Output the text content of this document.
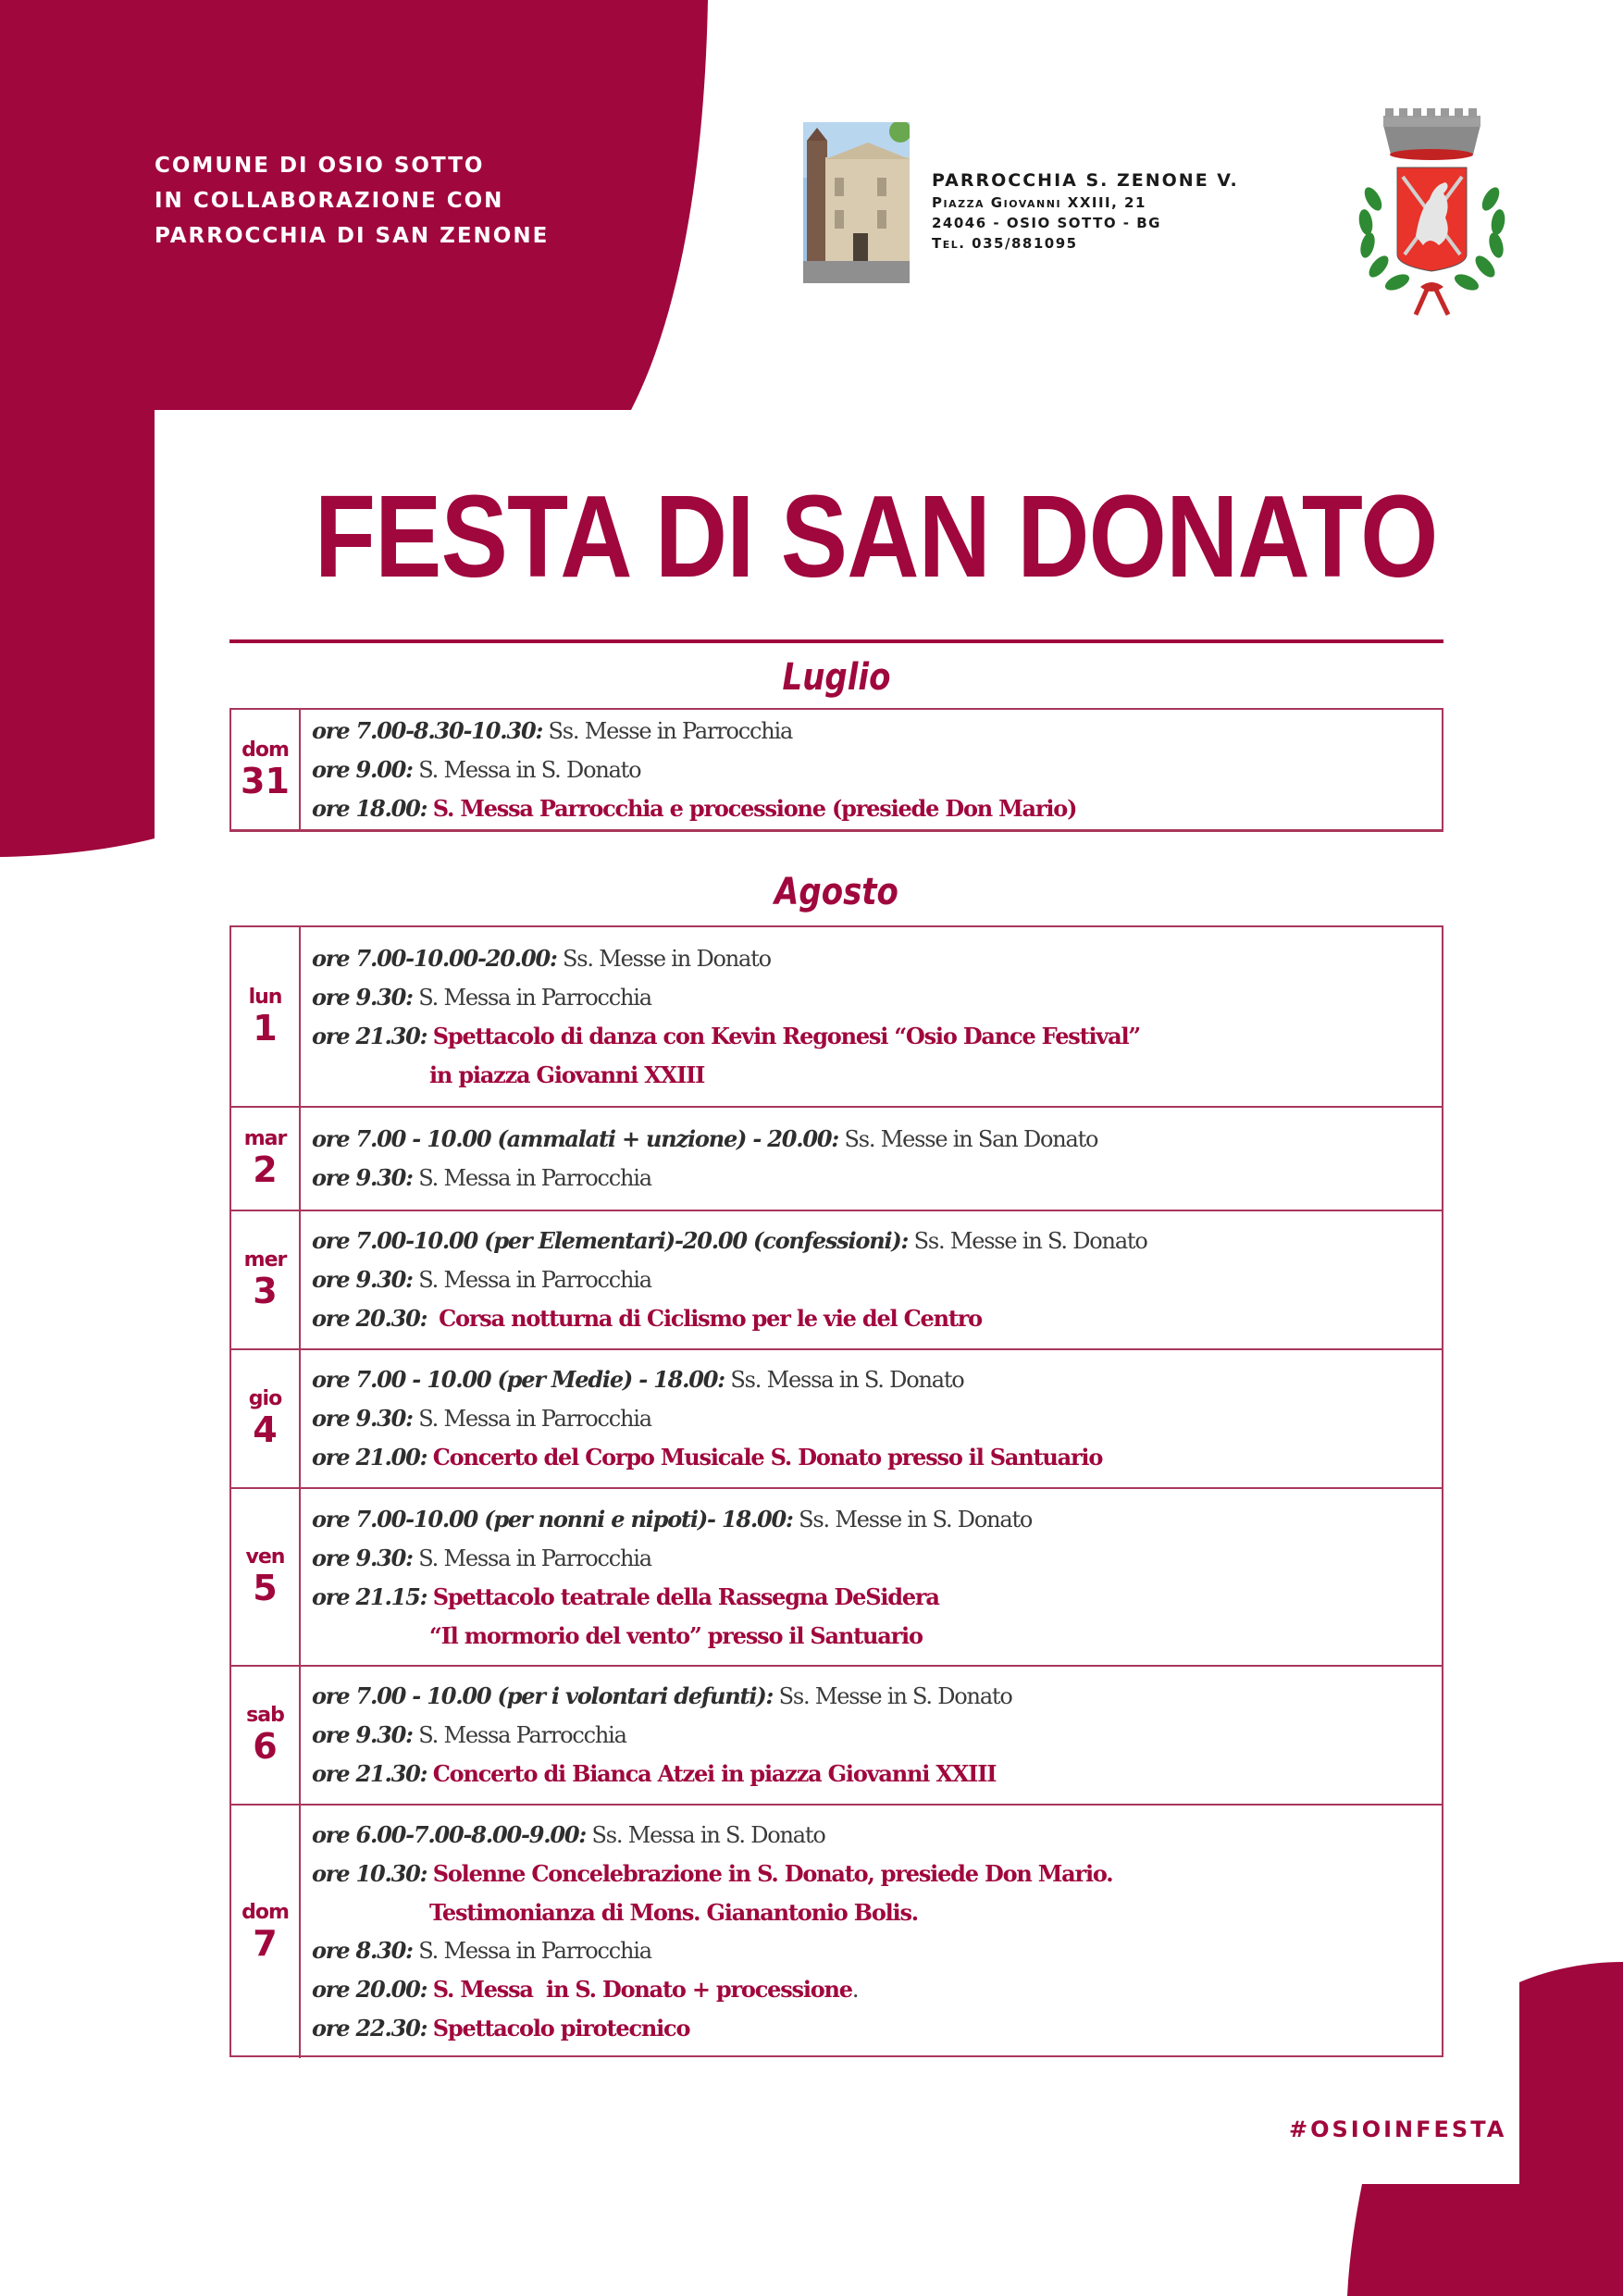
COMUNE DI OSIO SOTTO
IN COLLABORAZIONE CON
PARROCCHIA DI SAN ZENONE
PARROCCHIA S. ZENONE V.
Piazza Giovanni XXIII, 21
24046 - OSIO SOTTO - BG
Tel. 035/881095
FESTA DI SAN DONATO
Luglio
dom
31
ore 7.00-8.30-10.30: Ss. Messe in Parrocchia
ore 9.00: S. Messa in S. Donato
ore 18.00: S. Messa Parrocchia e processione (presiede Don Mario)
Agosto
lun
1
ore 7.00-10.00-20.00: Ss. Messe in Donato
ore 9.30: S. Messa in Parrocchia
ore 21.30: Spettacolo di danza con Kevin Regonesi “Osio Dance Festival”
in piazza Giovanni XXIII
mar
2
ore 7.00 - 10.00 (ammalati + unzione) - 20.00: Ss. Messe in San Donato
ore 9.30: S. Messa in Parrocchia
mer
3
ore 7.00-10.00 (per Elementari)-20.00 (confessioni): Ss. Messe in S. Donato
ore 9.30: S. Messa in Parrocchia
ore 20.30: Corsa notturna di Ciclismo per le vie del Centro
gio
4
ore 7.00 - 10.00 (per Medie) - 18.00: Ss. Messa in S. Donato
ore 9.30: S. Messa in Parrocchia
ore 21.00: Concerto del Corpo Musicale S. Donato presso il Santuario
ven
5
ore 7.00-10.00 (per nonni e nipoti)- 18.00: Ss. Messe in S. Donato
ore 9.30: S. Messa in Parrocchia
ore 21.15: Spettacolo teatrale della Rassegna DeSidera
“Il mormorio del vento” presso il Santuario
sab
6
ore 7.00 - 10.00 (per i volontari defunti): Ss. Messe in S. Donato
ore 9.30: S. Messa Parrocchia
ore 21.30: Concerto di Bianca Atzei in piazza Giovanni XXIII
dom
7
ore 6.00-7.00-8.00-9.00: Ss. Messa in S. Donato
ore 10.30: Solenne Concelebrazione in S. Donato, presiede Don Mario.
Testimonianza di Mons. Gianantonio Bolis.
ore 8.30: S. Messa in Parrocchia
ore 20.00: S. Messa  in S. Donato + processione.
ore 22.30: Spettacolo pirotecnico
#OSIOINFESTA
